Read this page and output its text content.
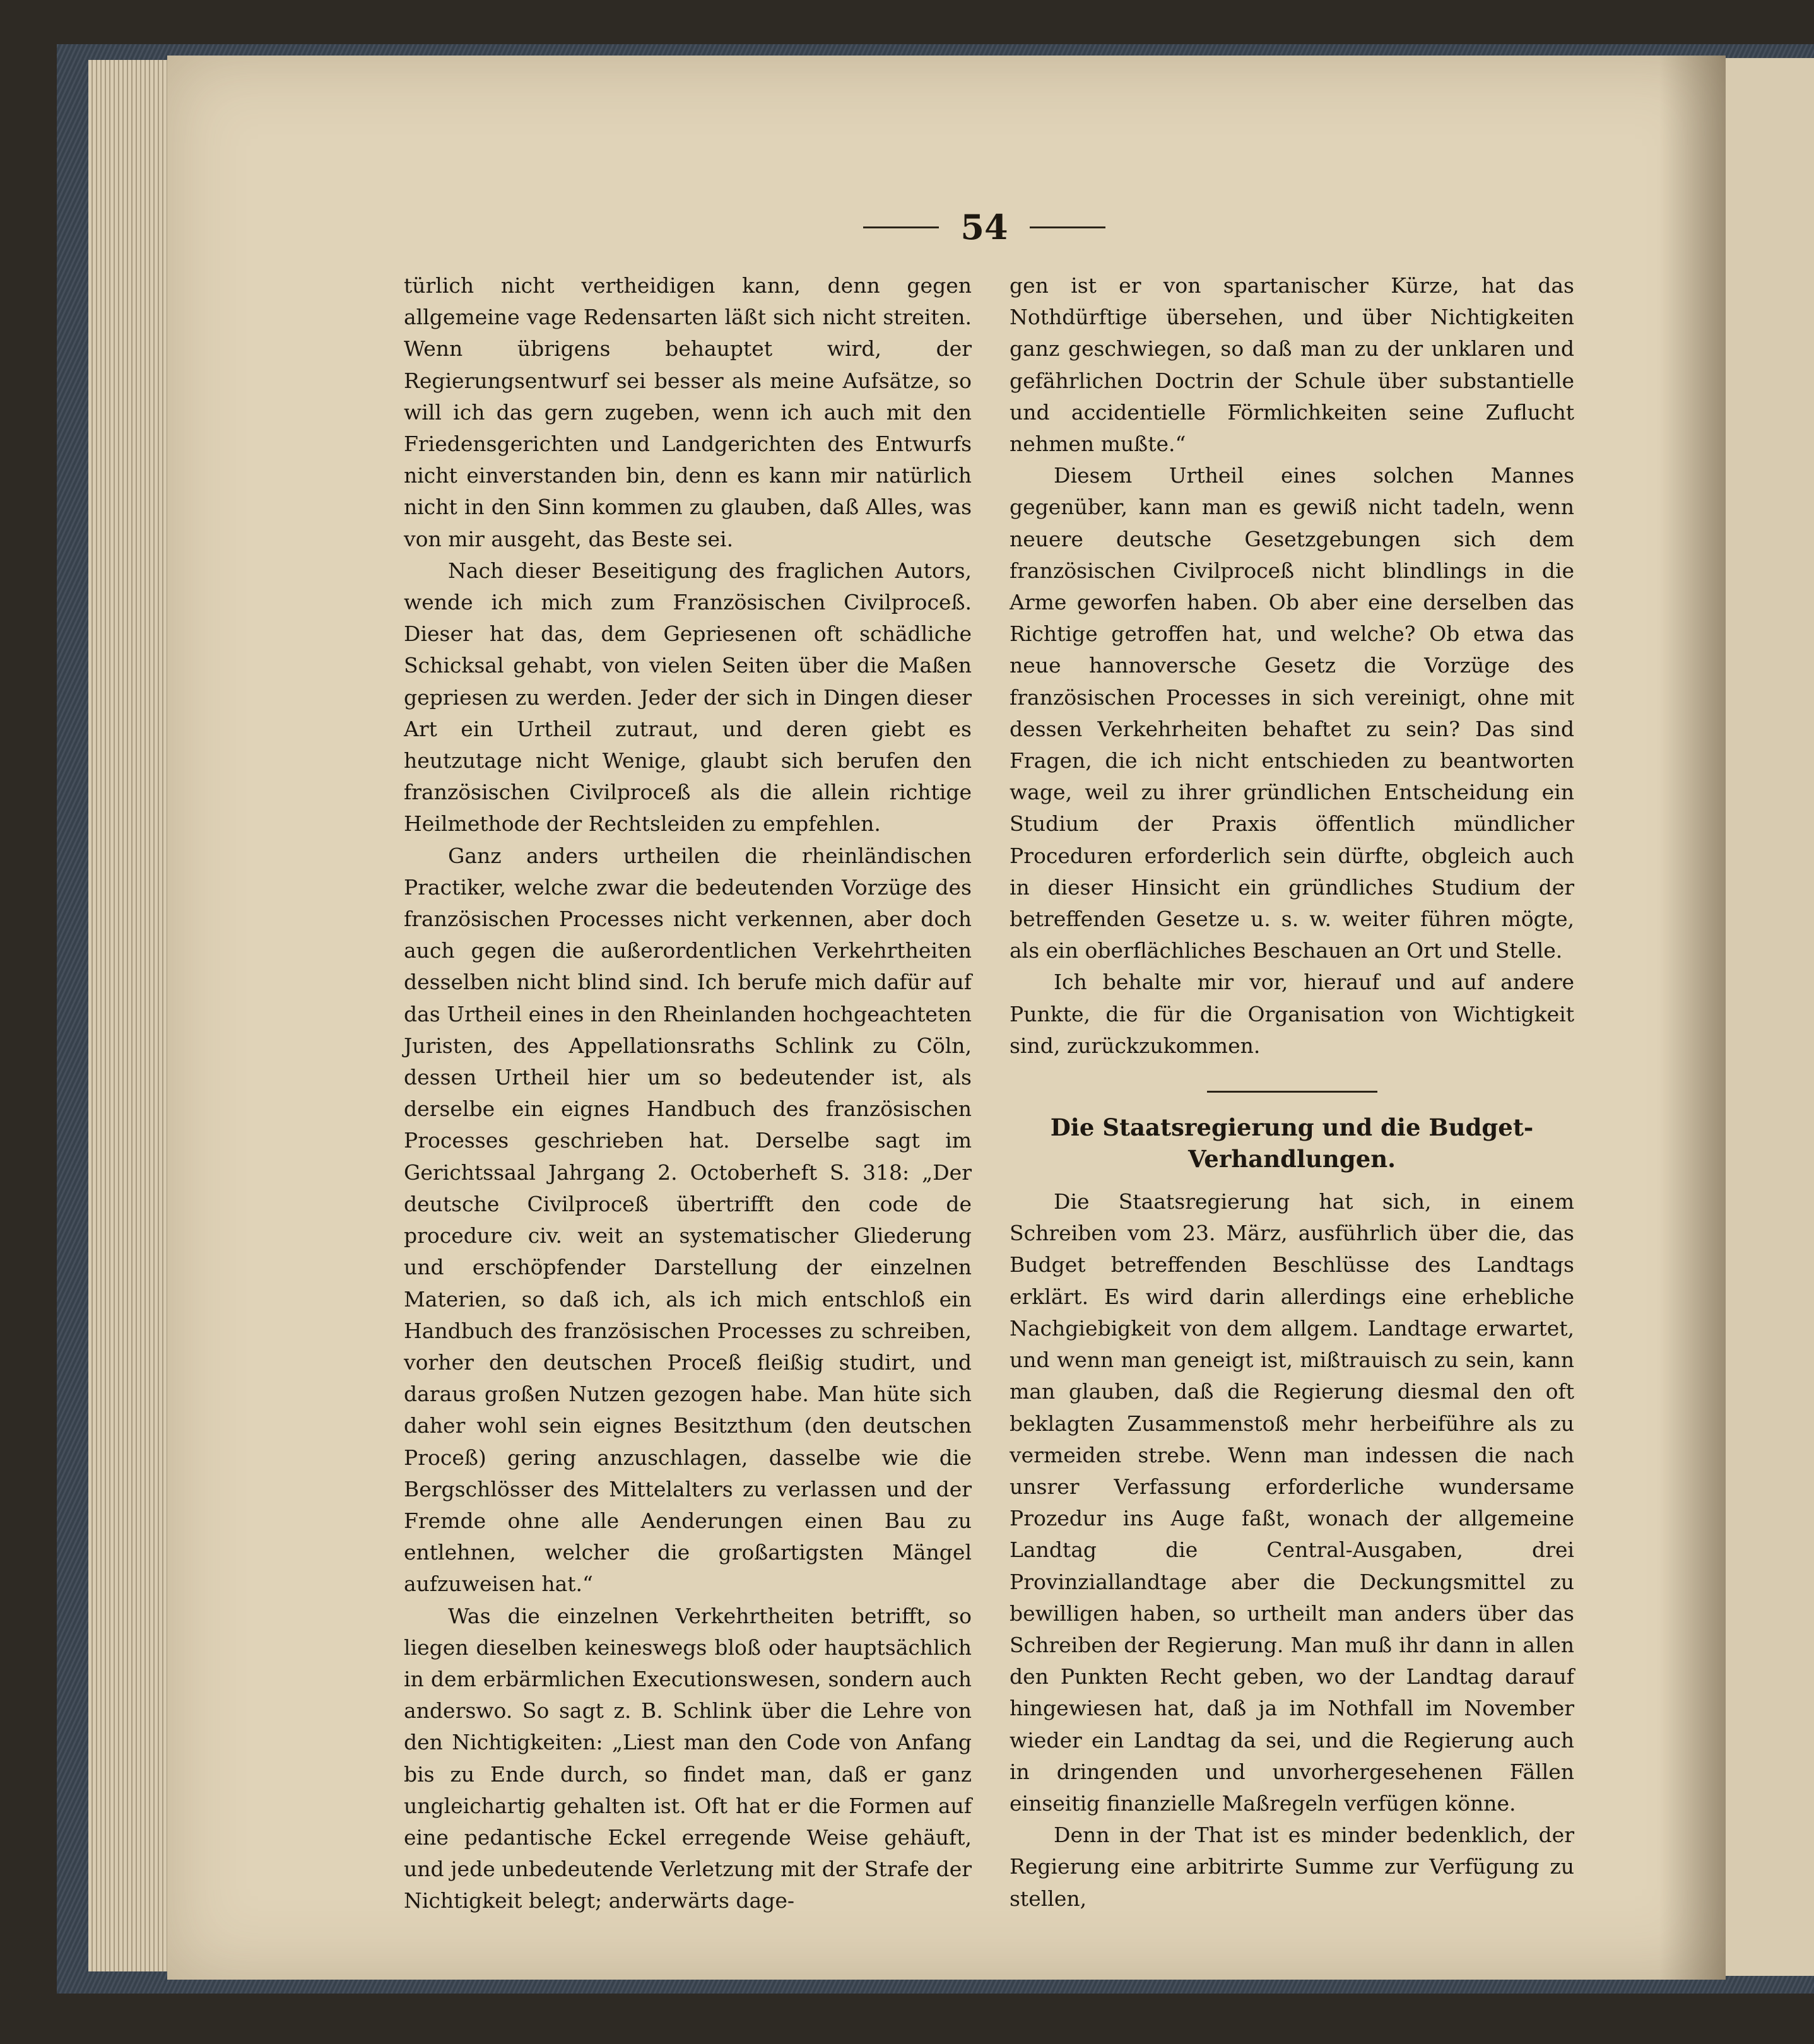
54

türlich nicht vertheidigen kann, denn gegen allgemeine vage Redensarten läßt sich nicht streiten. Wenn übrigens behauptet wird, der Regierungsentwurf sei besser als meine Aufsätze, so will ich das gern zugeben, wenn ich auch mit den Friedensgerichten und Landgerichten des Entwurfs nicht einverstanden bin, denn es kann mir natürlich nicht in den Sinn kommen zu glauben, daß Alles, was von mir ausgeht, das Beste sei.

Nach dieser Beseitigung des fraglichen Autors, wende ich mich zum Französischen Civilproceß. Dieser hat das, dem Gepriesenen oft schädliche Schicksal gehabt, von vielen Seiten über die Maßen gepriesen zu werden. Jeder der sich in Dingen dieser Art ein Urtheil zutraut, und deren giebt es heutzutage nicht Wenige, glaubt sich berufen den französischen Civilproceß als die allein richtige Heilmethode der Rechtsleiden zu empfehlen.

Ganz anders urtheilen die rheinländischen Practiker, welche zwar die bedeutenden Vorzüge des französischen Processes nicht verkennen, aber doch auch gegen die außerordentlichen Verkehrtheiten desselben nicht blind sind. Ich berufe mich dafür auf das Urtheil eines in den Rheinlanden hochgeachteten Juristen, des Appellationsraths Schlink zu Cöln, dessen Urtheil hier um so bedeutender ist, als derselbe ein eignes Handbuch des französischen Processes geschrieben hat. Derselbe sagt im Gerichtssaal Jahrgang 2. Octoberheft S. 318: „Der deutsche Civilproceß übertrifft den code de procedure civ. weit an systematischer Gliederung und erschöpfender Darstellung der einzelnen Materien, so daß ich, als ich mich entschloß ein Handbuch des französischen Processes zu schreiben, vorher den deutschen Proceß fleißig studirt, und daraus großen Nutzen gezogen habe. Man hüte sich daher wohl sein eignes Besitzthum (den deutschen Proceß) gering anzuschlagen, dasselbe wie die Bergschlösser des Mittelalters zu verlassen und der Fremde ohne alle Aenderungen einen Bau zu entlehnen, welcher die großartigsten Mängel aufzuweisen hat.“

Was die einzelnen Verkehrtheiten betrifft, so liegen dieselben keineswegs bloß oder hauptsächlich in dem erbärmlichen Executionswesen, sondern auch anderswo. So sagt z. B. Schlink über die Lehre von den Nichtigkeiten: „Liest man den Code von Anfang bis zu Ende durch, so findet man, daß er ganz ungleichartig gehalten ist. Oft hat er die Formen auf eine pedantische Eckel erregende Weise gehäuft, und jede unbedeutende Verletzung mit der Strafe der Nichtigkeit belegt; anderwärts dage-

gen ist er von spartanischer Kürze, hat das Nothdürftige übersehen, und über Nichtigkeiten ganz geschwiegen, so daß man zu der unklaren und gefährlichen Doctrin der Schule über substantielle und accidentielle Förmlichkeiten seine Zuflucht nehmen mußte.“

Diesem Urtheil eines solchen Mannes gegenüber, kann man es gewiß nicht tadeln, wenn neuere deutsche Gesetzgebungen sich dem französischen Civilproceß nicht blindlings in die Arme geworfen haben. Ob aber eine derselben das Richtige getroffen hat, und welche? Ob etwa das neue hannoversche Gesetz die Vorzüge des französischen Processes in sich vereinigt, ohne mit dessen Verkehrheiten behaftet zu sein? Das sind Fragen, die ich nicht entschieden zu beantworten wage, weil zu ihrer gründlichen Entscheidung ein Studium der Praxis öffentlich mündlicher Proceduren erforderlich sein dürfte, obgleich auch in dieser Hinsicht ein gründliches Studium der betreffenden Gesetze u. s. w. weiter führen mögte, als ein oberflächliches Beschauen an Ort und Stelle.

Ich behalte mir vor, hierauf und auf andere Punkte, die für die Organisation von Wichtigkeit sind, zurückzukommen.

Die Staatsregierung und die Budget-Verhandlungen.

Die Staatsregierung hat sich, in einem Schreiben vom 23. März, ausführlich über die, das Budget betreffenden Beschlüsse des Landtags erklärt. Es wird darin allerdings eine erhebliche Nachgiebigkeit von dem allgem. Landtage erwartet, und wenn man geneigt ist, mißtrauisch zu sein, kann man glauben, daß die Regierung diesmal den oft beklagten Zusammenstoß mehr herbeiführe als zu vermeiden strebe. Wenn man indessen die nach unsrer Verfassung erforderliche wundersame Prozedur ins Auge faßt, wonach der allgemeine Landtag die Central-Ausgaben, drei Provinziallandtage aber die Deckungsmittel zu bewilligen haben, so urtheilt man anders über das Schreiben der Regierung. Man muß ihr dann in allen den Punkten Recht geben, wo der Landtag darauf hingewiesen hat, daß ja im Nothfall im November wieder ein Landtag da sei, und die Regierung auch in dringenden und unvorhergesehenen Fällen einseitig finanzielle Maßregeln verfügen könne.

Denn in der That ist es minder bedenklich, der Regierung eine arbitrirte Summe zur Verfügung zu stellen,
